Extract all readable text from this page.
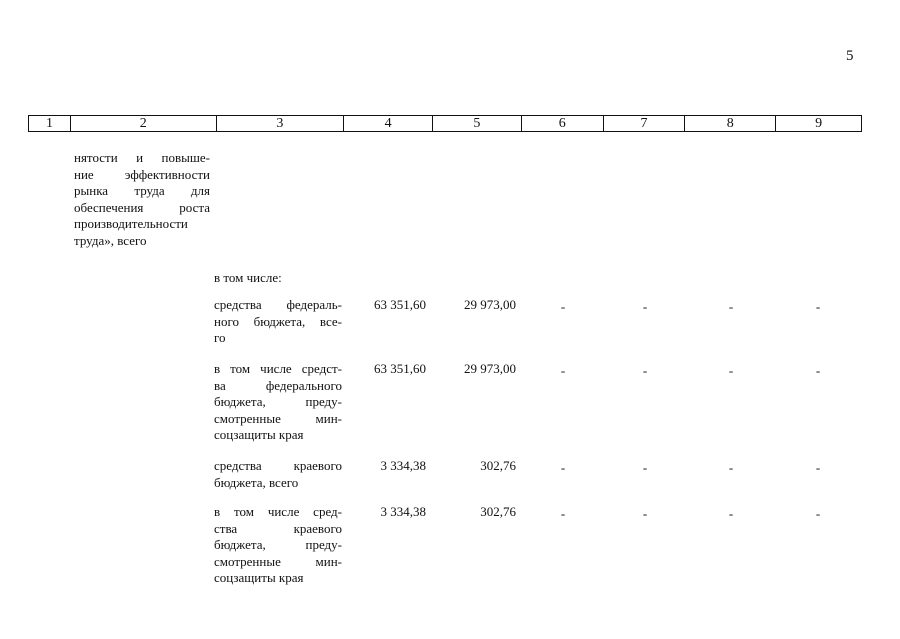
5
1	2	3	4	5	6	7	8	9
нятости и повыше-
ние эффективности
рынка труда для
обеспечения роста
производительности
труда», всего
в том числе:
средства федераль-
ного бюджета, все-
го
63 351,60	29 973,00	-	-	-	-
в том числе средст-
ва федерального
бюджета, преду-
смотренные мин-
соцзащиты края
63 351,60	29 973,00	-	-	-	-
средства краевого
бюджета, всего
3 334,38	302,76	-	-	-	-
в том числе сред-
ства краевого
бюджета, преду-
смотренные мин-
соцзащиты края
3 334,38	302,76	-	-	-	-
